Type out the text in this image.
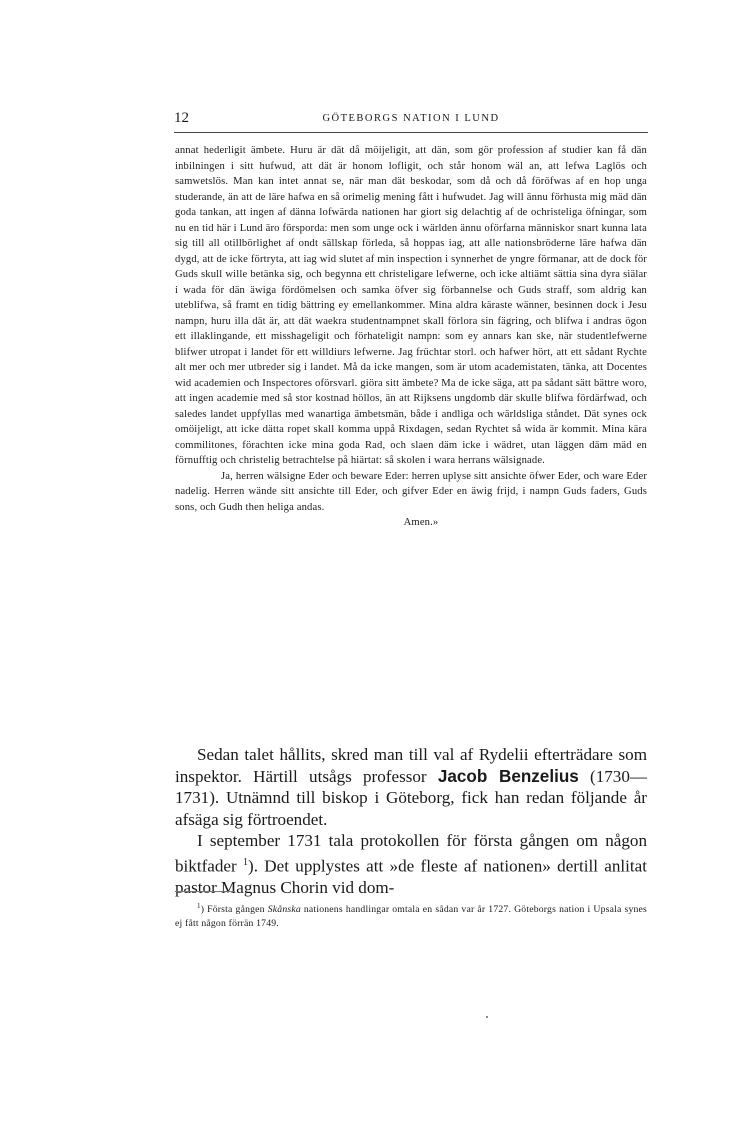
12	GÖTEBORGS NATION I LUND

annat hederligit ämbete. Huru är dät då möijeligit, att dän, som gör profession af studier kan få dän inbilningen i sitt hufwud, att dät är honom lofligit, och står honom wäl an, att lefwa Laglös och samwetslös. Man kan intet annat se, när man dät beskodar, som då och då föröfwas af en hop unga studerande, än att de läre hafwa en så orimelig mening fått i hufwudet. Jag will ännu förhusta mig mäd dän goda tankan, att ingen af dänna lofwärda nationen har giort sig delachtig af de ochristeliga öfningar, som nu en tid här i Lund äro försporda: men som unge ock i wärlden ännu oförfarna människor snart kunna lata sig till all otillbörlighet af ondt sällskap förleda, så hoppas iag, att alle nationsbröderne läre hafwa dän dygd, att de icke förtryta, att iag wid slutet af min inspection i synnerhet de yngre förmanar, att de dock för Guds skull wille betänka sig, och begynna ett christeligare lefwerne, och icke altiämt sättia sina dyra siälar i wada för dän äwiga fördömelsen och samka öfver sig förbannelse och Guds straff, som aldrig kan uteblifwa, så framt en tidig bättring ey emellankommer. Mina aldra käraste wänner, besinnen dock i Jesu nampn, huru illa dät är, att dät waekra studentnampnet skall förlora sin fägring, och blifwa i andras ögon ett illaklingande, ett misshageligit och förhateligit nampn: som ey annars kan ske, när studentlefwerne blifwer utropat i landet för ett willdiurs lefwerne. Jag früchtar storl. och hafwer hört, att ett sådant Rychte alt mer och mer utbreder sig i landet. Må da icke mangen, som är utom academistaten, tänka, att Docentes wid academien och Inspectores oförsvarl. giöra sitt ämbete? Ma de icke säga, att pa sådant sätt bättre woro, att ingen academie med så stor kostnad höllos, än att Rijksens ungdomb där skulle blifwa fördärfwad, och saledes landet uppfyllas med wanartiga ämbetsmän, både i andliga och wärldsliga ståndet. Dät synes ock omöijeligt, att icke dätta ropet skall komma uppå Rixdagen, sedan Rychtet så wida är kommit. Mina kära commilitones, förachten icke mina goda Rad, och slaen däm icke i wädret, utan läggen däm mäd en förnufftig och christelig betrachtelse på hiärtat: så skolen i wara herrans wälsignade.

Ja, herren wälsigne Eder och beware Eder: herren uplyse sitt ansichte öfwer Eder, och ware Eder nadelig. Herren wände sitt ansichte till Eder, och gifver Eder en äwig frijd, i nampn Guds faders, Guds sons, och Gudh then heliga andas.

Amen.»

Sedan talet hållits, skred man till val af Rydelii efterträdare som inspektor. Härtill utsågs professor Jacob Benzelius (1730—1731). Utnämnd till biskop i Göteborg, fick han redan följande år afsäga sig förtroendet.

I september 1731 tala protokollen för första gången om någon biktfader $^1$). Det upplystes att »de fleste af nationen» dertill anlitat pastor Magnus Chorin vid dom-

$^1$) Första gången Skånska nationens handlingar omtala en sådan var år 1727. Göteborgs nation i Upsala synes ej fått någon förrän 1749.
